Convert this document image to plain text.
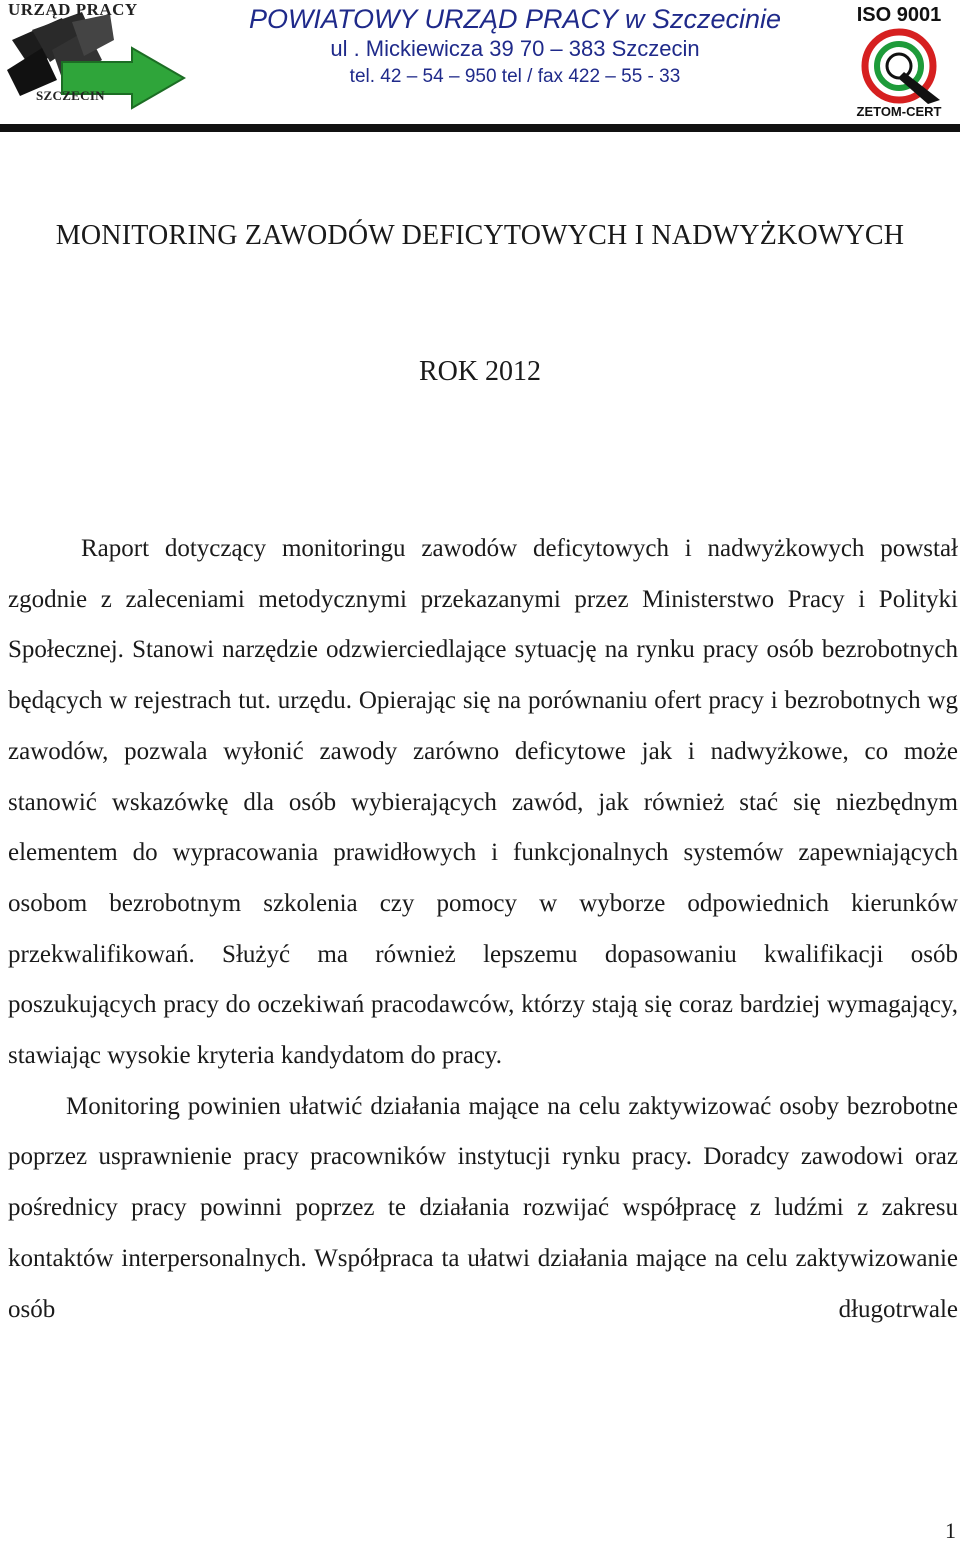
URZĄD PRACY
SZCZECIN
POWIATOWY URZĄD PRACY w Szczecinie
ul . Mickiewicza 39 70 – 383 Szczecin
tel. 42 – 54 – 950 tel / fax 422 – 55 - 33
ISO 9001
ZETOM-CERT
MONITORING ZAWODÓW DEFICYTOWYCH I NADWYŻKOWYCH
ROK 2012

Raport dotyczący monitoringu zawodów deficytowych i nadwyżkowych powstał zgodnie z zaleceniami metodycznymi przekazanymi przez Ministerstwo Pracy i Polityki Społecznej. Stanowi narzędzie odzwierciedlające sytuację na rynku pracy osób bezrobotnych będących w rejestrach tut. urzędu. Opierając się na porównaniu ofert pracy i bezrobotnych wg zawodów, pozwala wyłonić zawody zarówno deficytowe jak i nadwyżkowe, co może stanowić wskazówkę dla osób wybierających zawód, jak również stać się niezbędnym elementem do wypracowania prawidłowych i funkcjonalnych systemów zapewniających osobom bezrobotnym szkolenia czy pomocy w wyborze odpowiednich kierunków przekwalifikowań. Służyć ma również lepszemu dopasowaniu kwalifikacji osób poszukujących pracy do oczekiwań pracodawców, którzy stają się coraz bardziej wymagający, stawiając wysokie kryteria kandydatom do pracy.

Monitoring powinien ułatwić działania mające na celu zaktywizować osoby bezrobotne poprzez usprawnienie pracy pracowników instytucji rynku pracy. Doradcy zawodowi oraz pośrednicy pracy powinni poprzez te działania rozwijać współpracę z ludźmi z zakresu kontaktów interpersonalnych. Współpraca ta ułatwi działania mające na celu zaktywizowanie osób długotrwale

1
